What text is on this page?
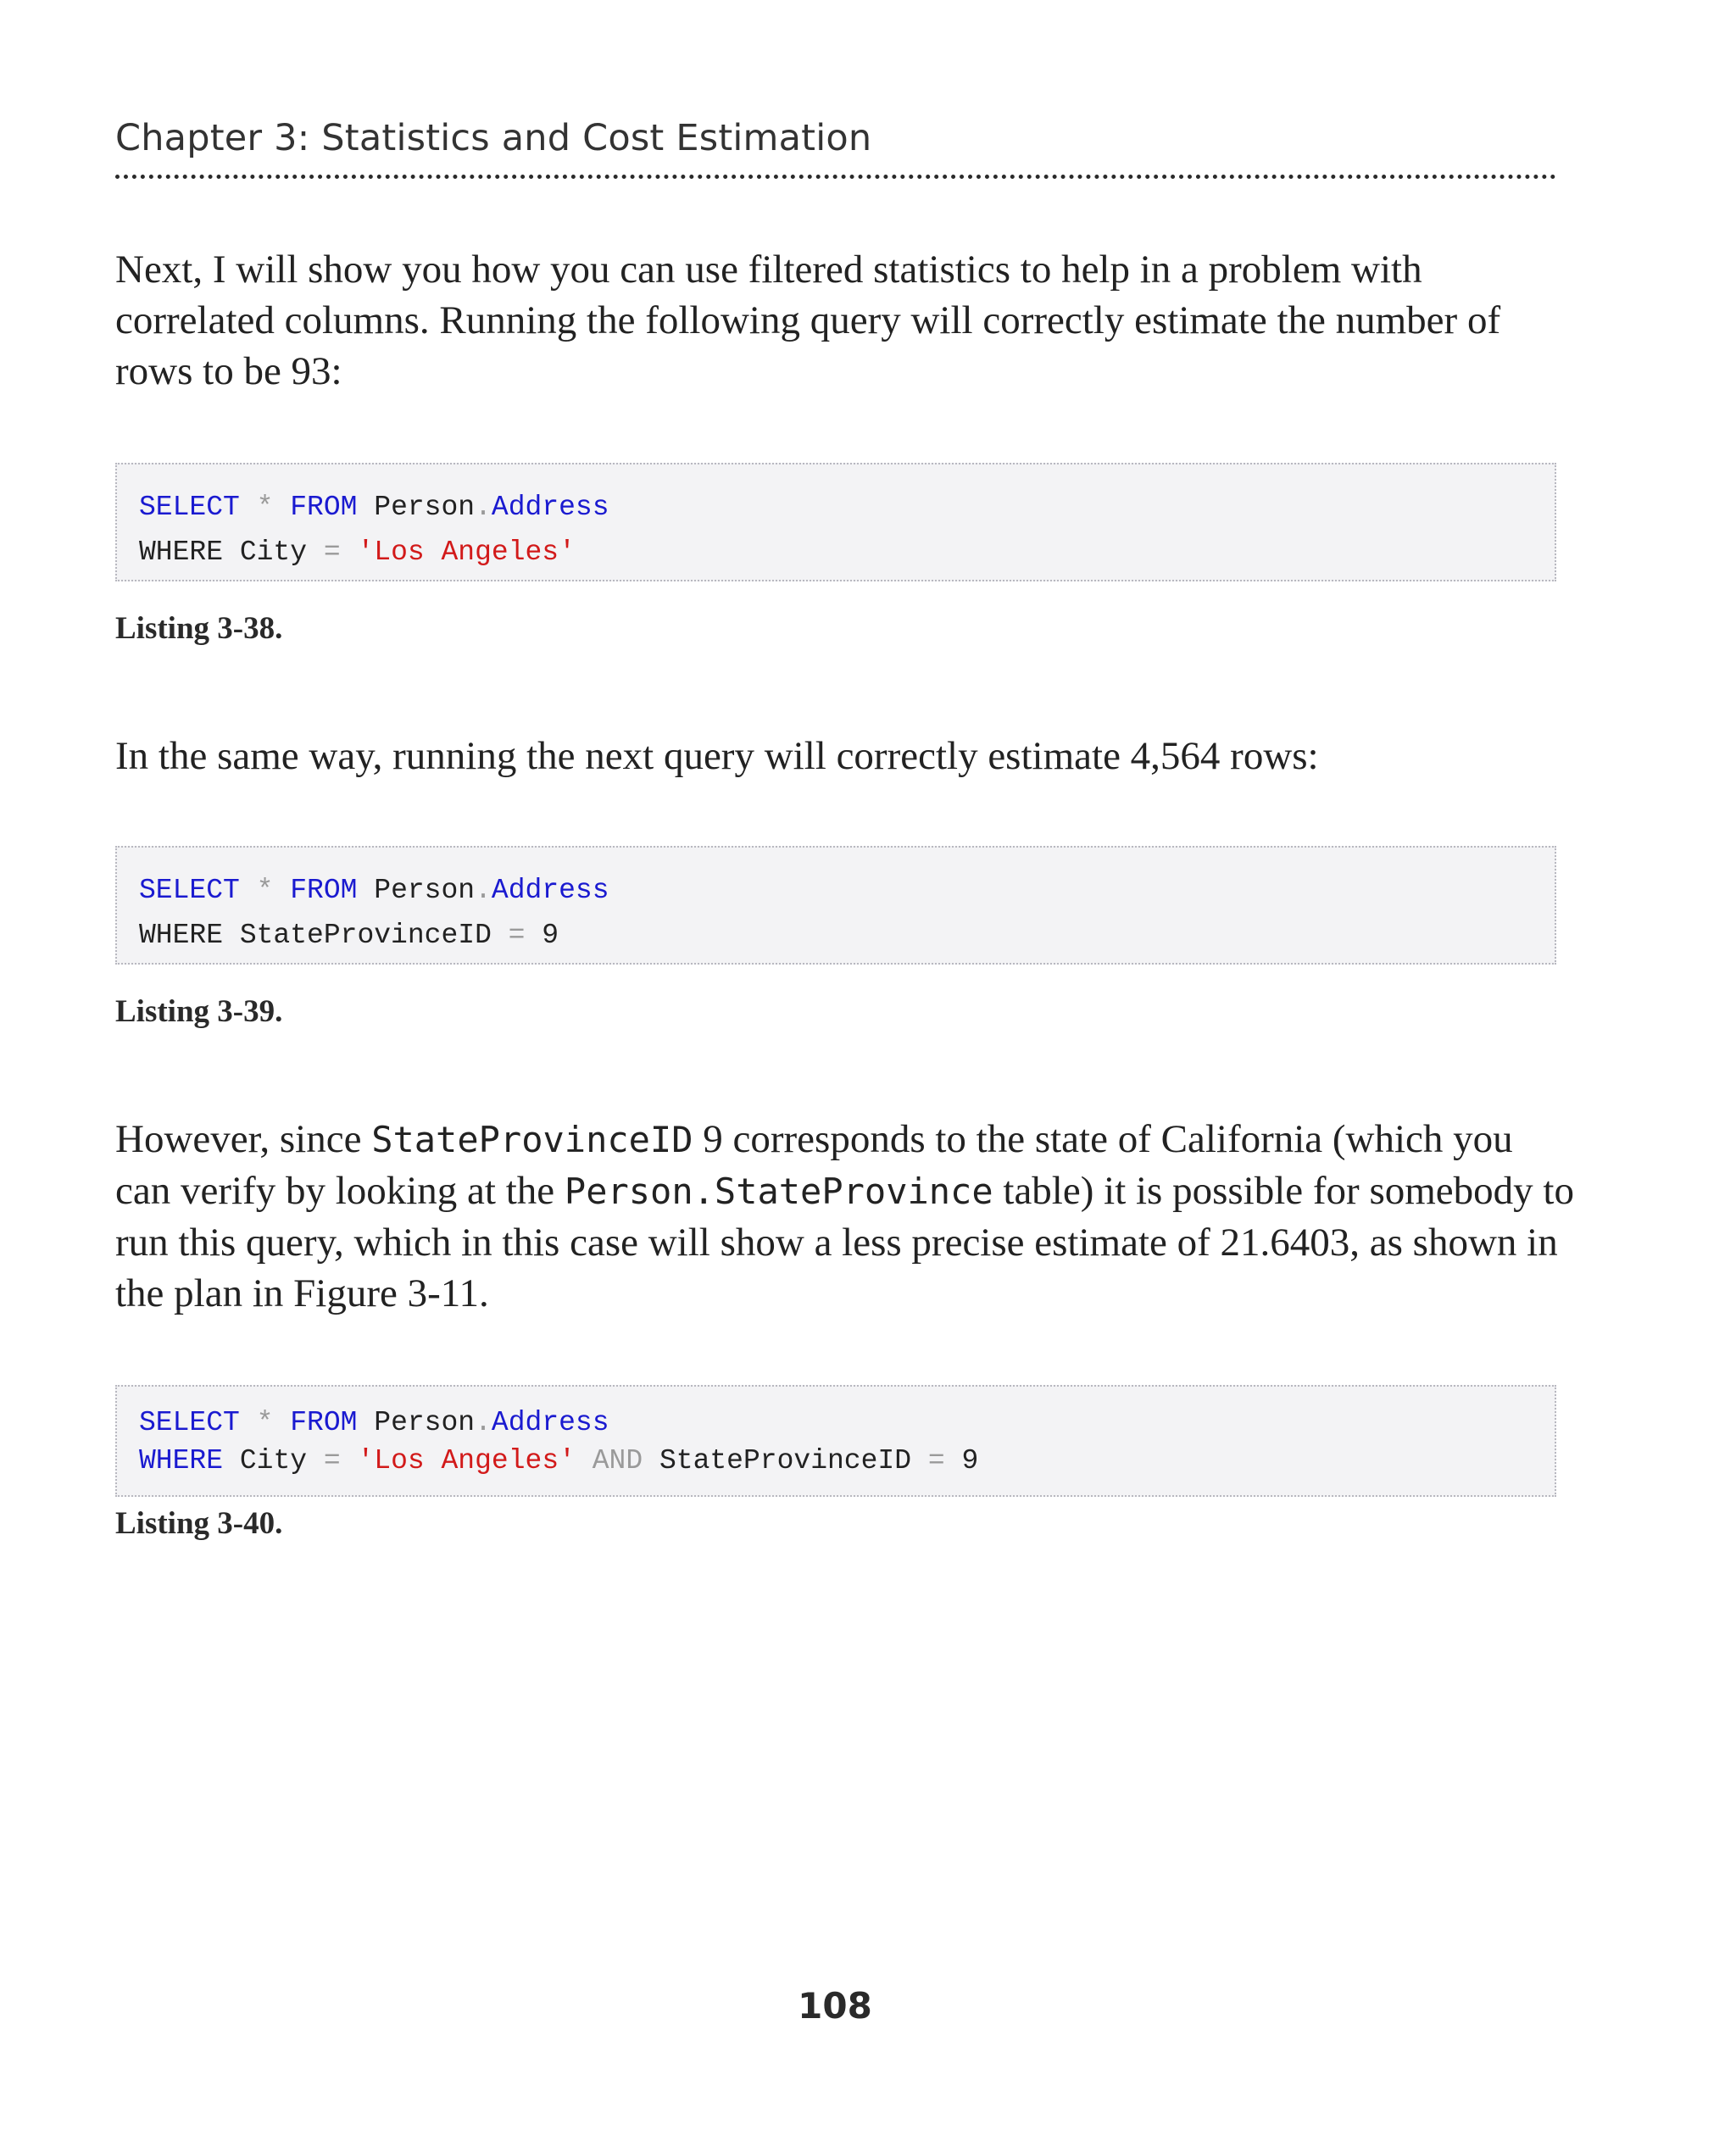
Chapter 3: Statistics and Cost Estimation
Next, I will show you how you can use filtered statistics to help in a problem with
correlated columns. Running the following query will correctly estimate the number of
rows to be 93:
SELECT * FROM Person.Address
WHERE City = 'Los Angeles'
Listing 3-38.
In the same way, running the next query will correctly estimate 4,564 rows:
SELECT * FROM Person.Address
WHERE StateProvinceID = 9
Listing 3-39.
However, since StateProvinceID 9 corresponds to the state of California (which you
can verify by looking at the Person.StateProvince table) it is possible for somebody to
run this query, which in this case will show a less precise estimate of 21.6403, as shown in
the plan in Figure 3-11.
SELECT * FROM Person.Address
WHERE City = 'Los Angeles' AND StateProvinceID = 9
Listing 3-40.
108
